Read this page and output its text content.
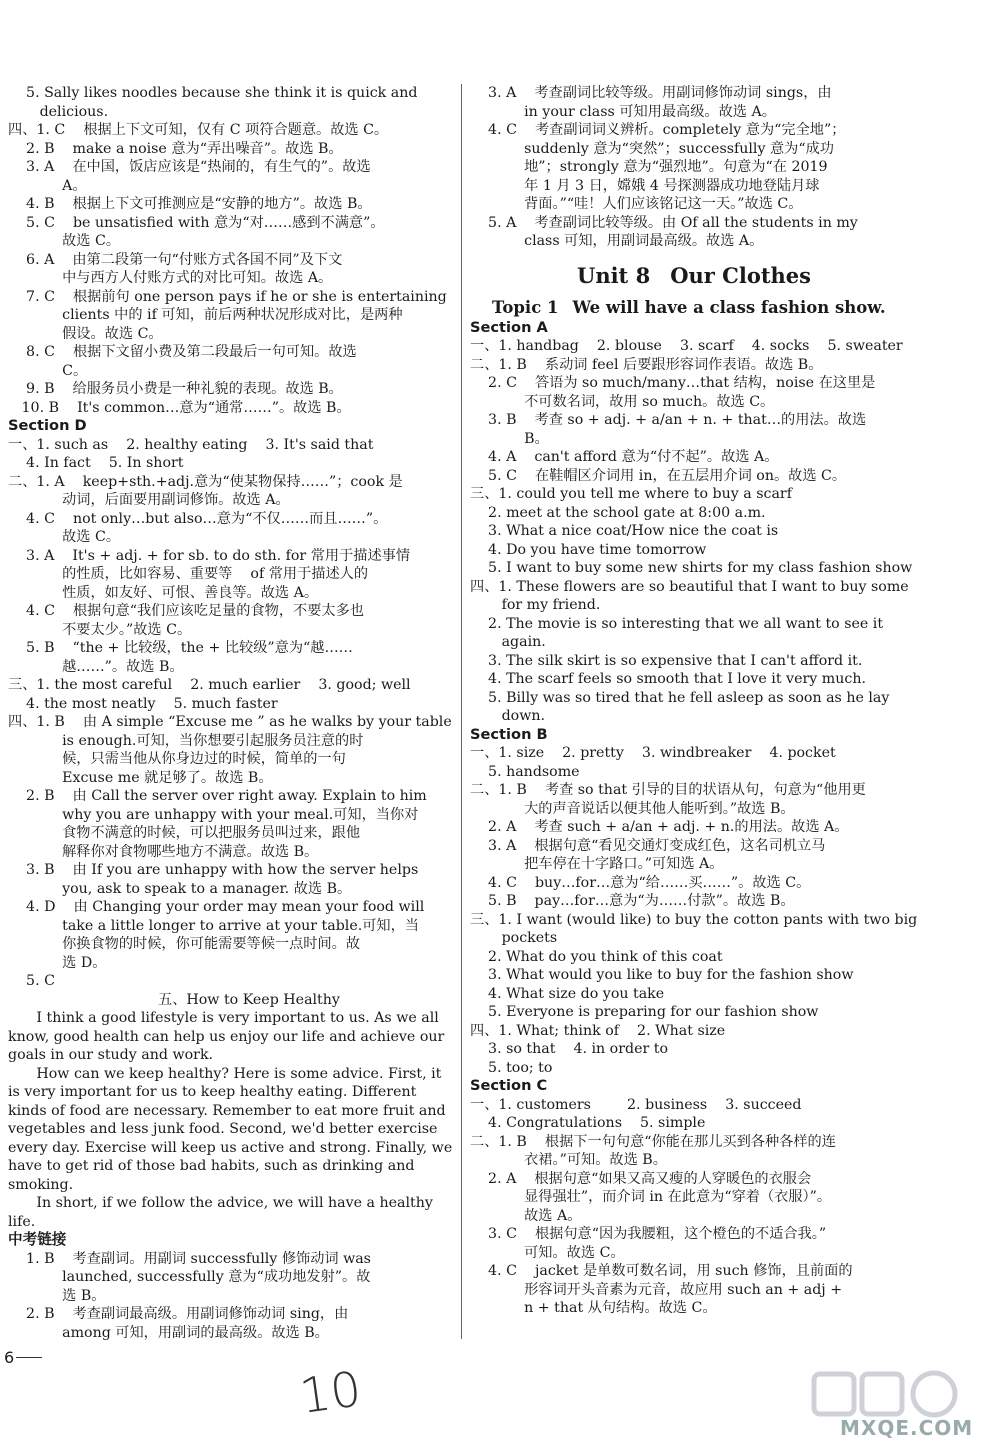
5. Sally likes noodles because she think it is quick and
delicious.
四、1. C    根据上下文可知，仅有 C 项符合题意。故选 C。
2. B    make a noise 意为“弄出噪音”。故选 B。
3. A    在中国，饭店应该是“热闹的，有生气的”。故选
A。
4. B    根据上下文可推测应是“安静的地方”。故选 B。
5. C    be unsatisfied with 意为“对……感到不满意”。
故选 C。
6. A    由第二段第一句“付账方式各国不同”及下文
中与西方人付账方式的对比可知。故选 A。
7. C    根据前句 one person pays if he or she is entertaining
clients 中的 if 可知，前后两种状况形成对比，是两种
假设。故选 C。
8. C    根据下文留小费及第二段最后一句可知。故选
C。
9. B    给服务员小费是一种礼貌的表现。故选 B。
10. B    It's common…意为“通常……”。故选 B。
Section D
一、1. such as    2. healthy eating    3. It's said that
4. In fact    5. In short
二、1. A    keep+sth.+adj.意为“使某物保持……”；cook 是
动词，后面要用副词修饰。故选 A。
4. C    not only…but also…意为“不仅……而且……”。
故选 C。
3. A    It's + adj. + for sb. to do sth. for 常用于描述事情
的性质，比如容易、重要等    of 常用于描述人的
性质，如友好、可恨、善良等。故选 A。
4. C    根据句意“我们应该吃足量的食物，不要太多也
不要太少。”故选 C。
5. B    “the + 比较级，the + 比较级”意为“越……
越……”。故选 B。
三、1. the most careful    2. much earlier    3. good; well
4. the most neatly    5. much faster
四、1. B    由 A simple “Excuse me ” as he walks by your table
is enough.可知，当你想要引起服务员注意的时
候，只需当他从你身边过的时候，简单的一句
Excuse me 就足够了。故选 B。
2. B    由 Call the server over right away. Explain to him
why you are unhappy with your meal.可知，当你对
食物不满意的时候，可以把服务员叫过来，跟他
解释你对食物哪些地方不满意。故选 B。
3. B    由 If you are unhappy with how the server helps
you, ask to speak to a manager. 故选 B。
4. D    由 Changing your order may mean your food will
take a little longer to arrive at your table.可知，当
你换食物的时候，你可能需要等候一点时间。故
选 D。
5. C
五、How to Keep Healthy
I think a good lifestyle is very important to us. As we all know, good health can help us enjoy our life and achieve our goals in our study and work.
How can we keep healthy? Here is some advice. First, it is very important for us to keep healthy eating. Different kinds of food are necessary. Remember to eat more fruit and vegetables and less junk food. Second, we'd better exercise every day. Exercise will keep us active and strong. Finally, we have to get rid of those bad habits, such as drinking and smoking.
In short, if we follow the advice, we will have a healthy life.
中考链接
1. B    考查副词。用副词 successfully 修饰动词 was
launched, successfully 意为“成功地发射”。故
选 B。
2. B    考查副词最高级。用副词修饰动词 sing，由
among 可知，用副词的最高级。故选 B。
3. A    考查副词比较等级。用副词修饰动词 sings，由
in your class 可知用最高级。故选 A。
4. C    考查副词词义辨析。completely 意为“完全地”；
suddenly 意为“突然”；successfully 意为“成功
地”；strongly 意为“强烈地”。句意为“在 2019
年 1 月 3 日，嫦娥 4 号探测器成功地登陆月球
背面。”“哇！人们应该铭记这一天。”故选 C。
5. A    考查副词比较等级。由 Of all the students in my
class 可知，用副词最高级。故选 A。
Unit 8 Our Clothes
Topic 1 We will have a class fashion show.
Section A
一、1. handbag    2. blouse    3. scarf    4. socks    5. sweater
二、1. B    系动词 feel 后要跟形容词作表语。故选 B。
2. C    答语为 so much/many…that 结构，noise 在这里是
不可数名词，故用 so much。故选 C。
3. B    考查 so + adj. + a/an + n. + that…的用法。故选
B。
4. A    can't afford 意为“付不起”。故选 A。
5. C    在鞋帽区介词用 in，在五层用介词 on。故选 C。
三、1. could you tell me where to buy a scarf
2. meet at the school gate at 8:00 a.m.
3. What a nice coat/How nice the coat is
4. Do you have time tomorrow
5. I want to buy some new shirts for my class fashion show
四、1. These flowers are so beautiful that I want to buy some
for my friend.
2. The movie is so interesting that we all want to see it
again.
3. The silk skirt is so expensive that I can't afford it.
4. The scarf feels so smooth that I love it very much.
5. Billy was so tired that he fell asleep as soon as he lay
down.
Section B
一、1. size    2. pretty    3. windbreaker    4. pocket
5. handsome
二、1. B    考查 so that 引导的目的状语从句，句意为“他用更
大的声音说话以便其他人能听到。”故选 B。
2. A    考查 such + a/an + adj. + n.的用法。故选 A。
3. A    根据句意“看见交通灯变成红色，这名司机立马
把车停在十字路口。”可知选 A。
4. C    buy…for…意为“给……买……”。故选 C。
5. B    pay…for…意为“为……付款”。故选 B。
三、1. I want (would like) to buy the cotton pants with two big
pockets
2. What do you think of this coat
3. What would you like to buy for the fashion show
4. What size do you take
5. Everyone is preparing for our fashion show
四、1. What; think of    2. What size
3. so that    4. in order to
5. too; to
Section C
一、1. customers        2. business    3. succeed
4. Congratulations    5. simple
二、1. B    根据下一句句意“你能在那儿买到各种各样的连
衣裙。”可知。故选 B。
2. A    根据句意“如果又高又瘦的人穿暖色的衣服会
显得强壮”，而介词 in 在此意为“穿着（衣服）”。
故选 A。
3. C    根据句意“因为我腰粗，这个橙色的不适合我。”
可知。故选 C。
4. C    jacket 是单数可数名词，用 such 修饰，且前面的
形容词开头音素为元音，故应用 such an + adj +
n + that 从句结构。故选 C。
6
10
MXQE.COM
